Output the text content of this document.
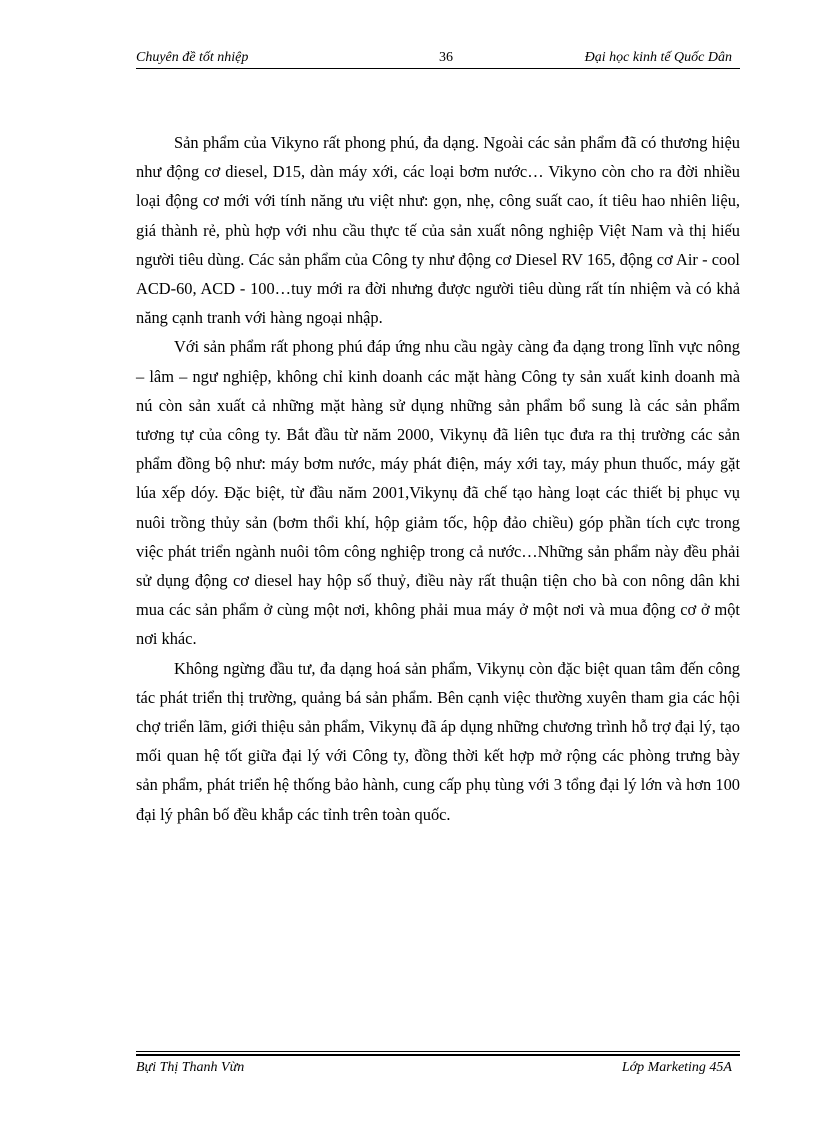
Chuyên đề tốt nhiệp	36	Đại học kinh tế Quốc Dân

Sản phẩm của Vikyno rất phong phú, đa dạng. Ngoài các sản phẩm đã có thương hiệu như động cơ diesel, D15, dàn máy xới, các loại bơm nước… Vikyno còn cho ra đời nhiều loại động cơ mới với tính năng ưu việt như: gọn, nhẹ, công suất cao, ít tiêu hao nhiên liệu, giá thành rẻ, phù hợp với nhu cầu thực tế của sản xuất nông nghiệp Việt Nam và thị hiếu người tiêu dùng. Các sản phẩm của Công ty như động cơ Diesel RV 165, động cơ Air - cool ACD-60, ACD - 100…tuy mới ra đời nhưng được người tiêu dùng rất tín nhiệm và có khả năng cạnh tranh với hàng ngoại nhập.

Với sản phẩm rất phong phú đáp ứng nhu cầu ngày càng đa dạng trong lĩnh vực nông – lâm – ngư nghiệp, không chỉ kinh doanh các mặt hàng Công ty sản xuất kinh doanh mà nú còn sản xuất cả những mặt hàng sử dụng những sản phẩm bổ sung là các sản phẩm tương tự của công ty. Bắt đầu từ năm 2000, Vikynụ đã liên tục đưa ra thị trường các sản phẩm đồng bộ như: máy bơm nước, máy phát điện, máy xới tay, máy phun thuốc, máy gặt lúa xếp dóy. Đặc biệt, từ đầu năm 2001,Vikynụ đã chế tạo hàng loạt các thiết bị phục vụ nuôi trồng thủy sản (bơm thổi khí, hộp giảm tốc, hộp đảo chiều) góp phần tích cực trong việc phát triển ngành nuôi tôm công nghiệp trong cả nước…Những sản phẩm này đều phải sử dụng động cơ diesel hay hộp số thuỷ, điều này rất thuận tiện cho bà con nông dân khi mua các sản phẩm ở cùng một nơi, không phải mua máy ở một nơi và mua động cơ ở một nơi khác.

Không ngừng đầu tư, đa dạng hoá sản phẩm, Vikynụ còn đặc biệt quan tâm đến công tác phát triển thị trường, quảng bá sản phẩm. Bên cạnh việc thường xuyên tham gia các hội chợ triển lãm, giới thiệu sản phẩm, Vikynụ đã áp dụng những chương trình hỗ trợ đại lý, tạo mối quan hệ tốt giữa đại lý với Công ty, đồng thời kết hợp mở rộng các phòng trưng bày sản phẩm, phát triển hệ thống bảo hành, cung cấp phụ tùng với 3 tổng đại lý lớn và hơn 100 đại lý phân bố đều khắp các tỉnh trên toàn quốc.

Bựi Thị Thanh Vừn	Lớp Marketing 45A
